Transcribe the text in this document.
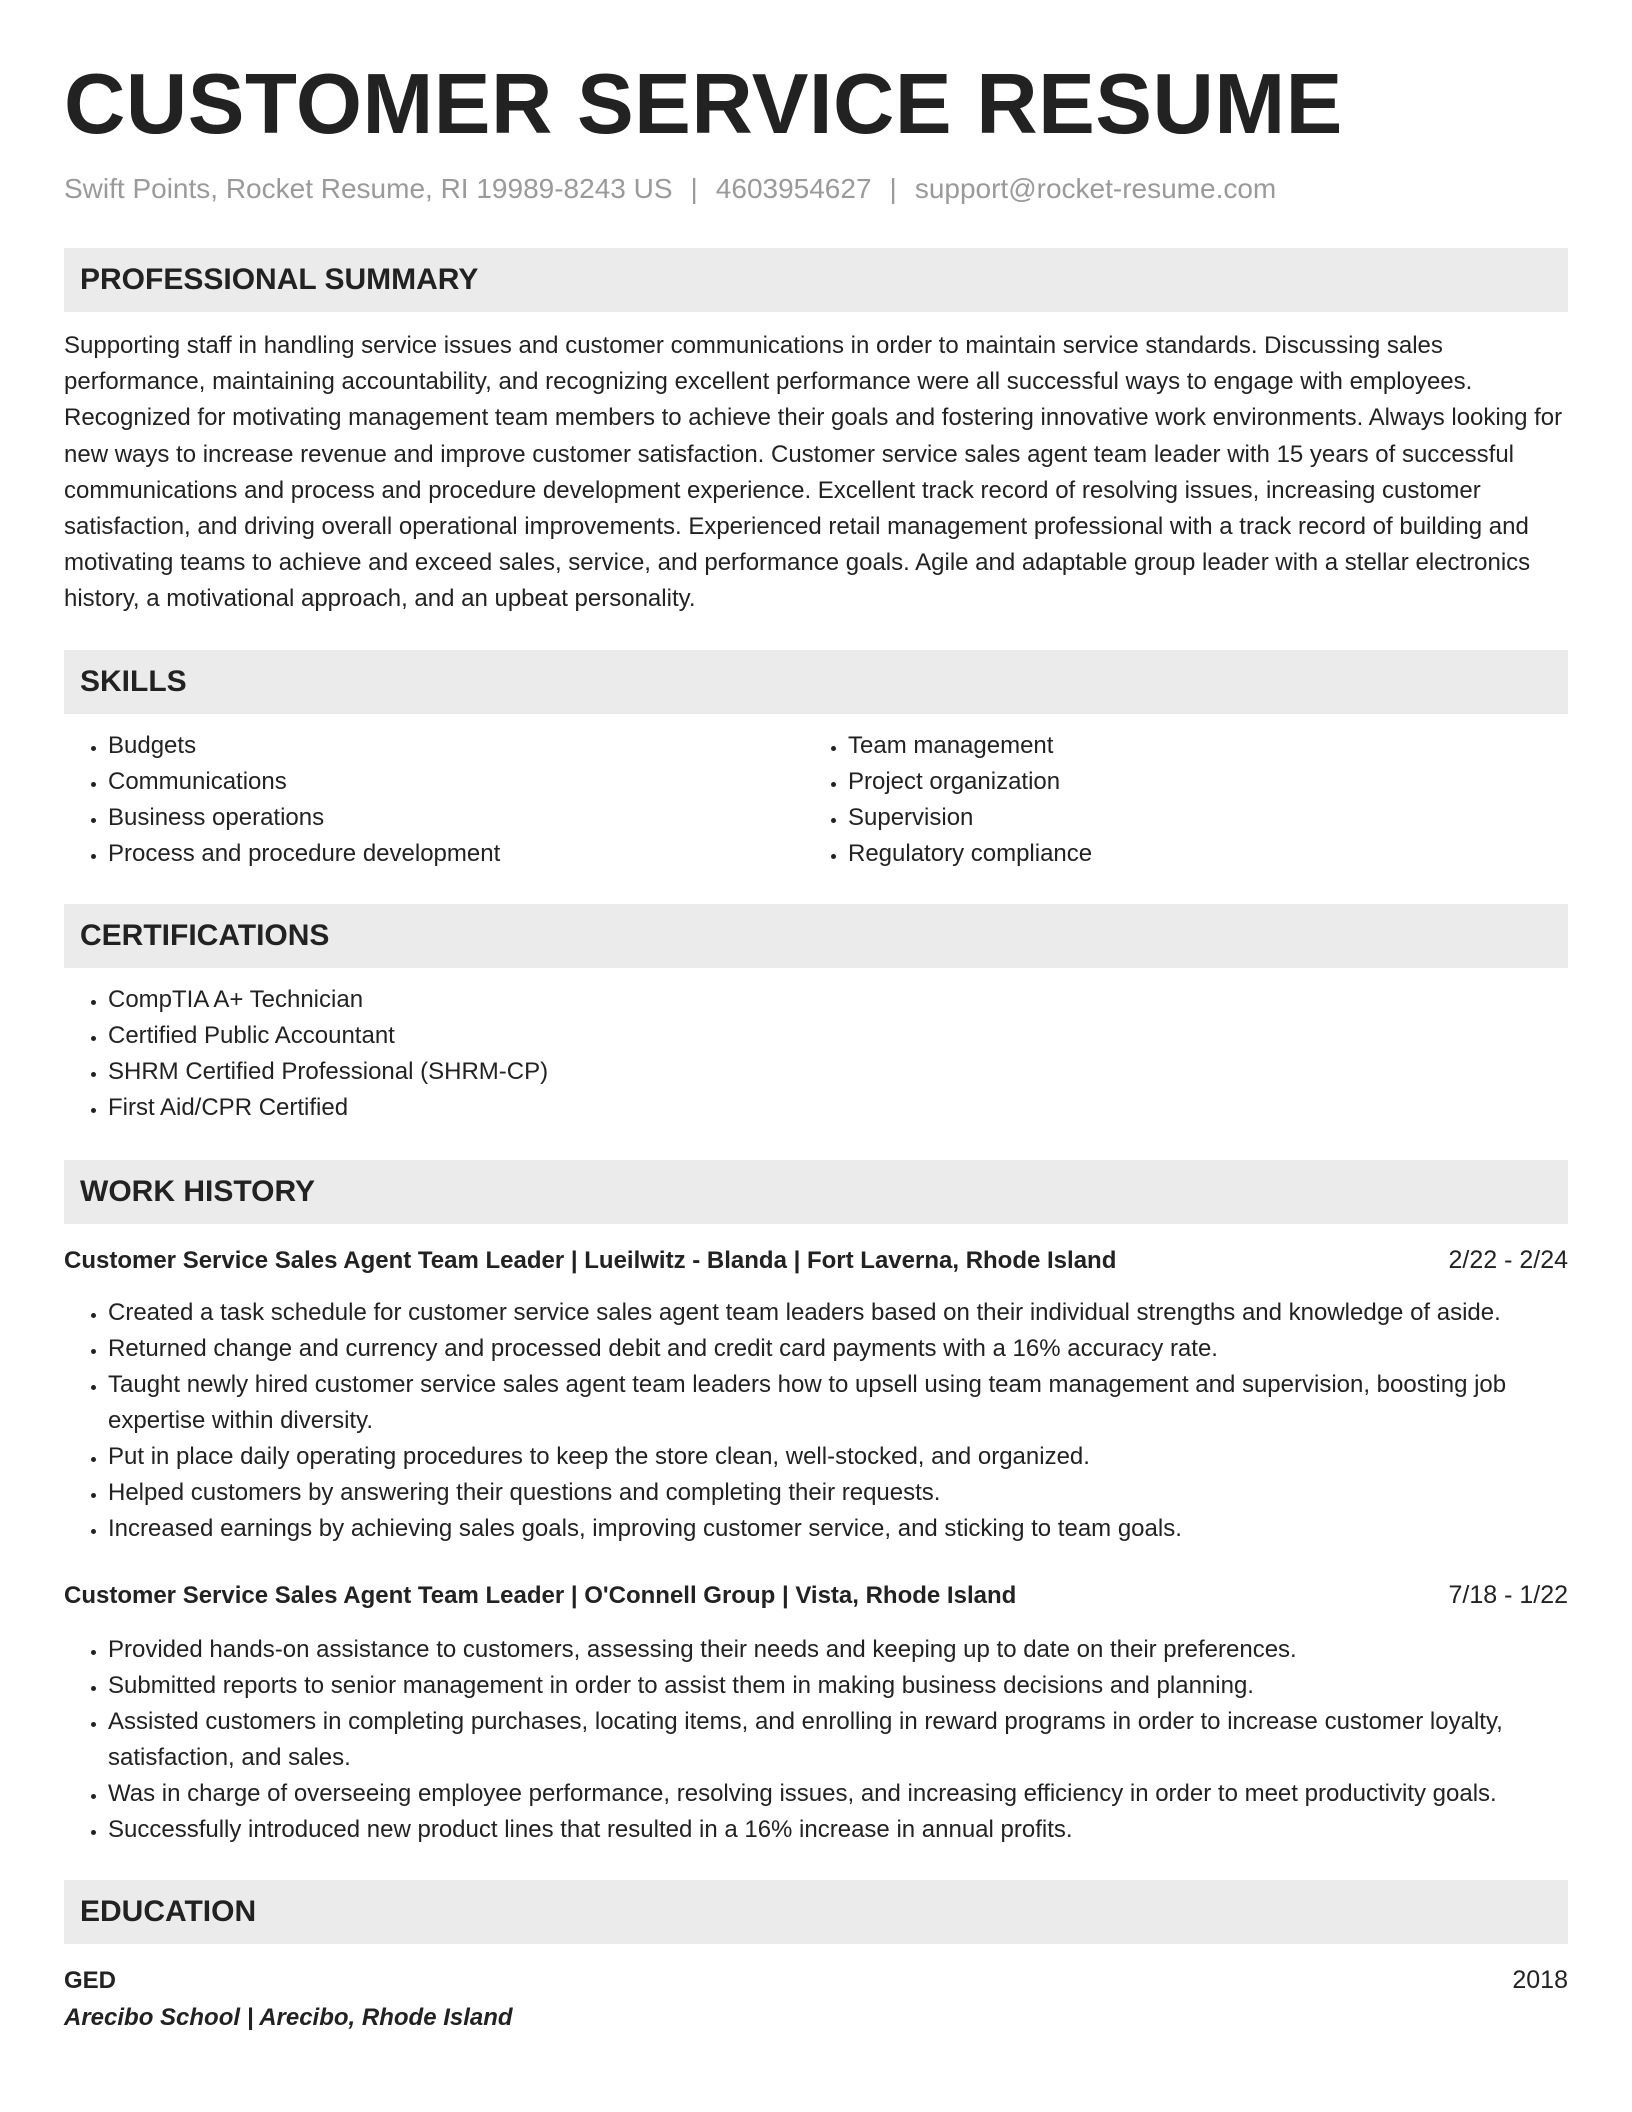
CUSTOMER SERVICE RESUME
Swift Points, Rocket Resume, RI 19989-8243 US | 4603954627 | support@rocket-resume.com
PROFESSIONAL SUMMARY
Supporting staff in handling service issues and customer communications in order to maintain service standards. Discussing sales performance, maintaining accountability, and recognizing excellent performance were all successful ways to engage with employees. Recognized for motivating management team members to achieve their goals and fostering innovative work environments. Always looking for new ways to increase revenue and improve customer satisfaction. Customer service sales agent team leader with 15 years of successful communications and process and procedure development experience. Excellent track record of resolving issues, increasing customer satisfaction, and driving overall operational improvements. Experienced retail management professional with a track record of building and motivating teams to achieve and exceed sales, service, and performance goals. Agile and adaptable group leader with a stellar electronics history, a motivational approach, and an upbeat personality.
SKILLS
• Budgets
• Communications
• Business operations
• Process and procedure development
• Team management
• Project organization
• Supervision
• Regulatory compliance
CERTIFICATIONS
• CompTIA A+ Technician
• Certified Public Accountant
• SHRM Certified Professional (SHRM-CP)
• First Aid/CPR Certified
WORK HISTORY
Customer Service Sales Agent Team Leader | Lueilwitz - Blanda | Fort Laverna, Rhode Island	2/22 - 2/24
• Created a task schedule for customer service sales agent team leaders based on their individual strengths and knowledge of aside.
• Returned change and currency and processed debit and credit card payments with a 16% accuracy rate.
• Taught newly hired customer service sales agent team leaders how to upsell using team management and supervision, boosting job expertise within diversity.
• Put in place daily operating procedures to keep the store clean, well-stocked, and organized.
• Helped customers by answering their questions and completing their requests.
• Increased earnings by achieving sales goals, improving customer service, and sticking to team goals.
Customer Service Sales Agent Team Leader | O'Connell Group | Vista, Rhode Island	7/18 - 1/22
• Provided hands-on assistance to customers, assessing their needs and keeping up to date on their preferences.
• Submitted reports to senior management in order to assist them in making business decisions and planning.
• Assisted customers in completing purchases, locating items, and enrolling in reward programs in order to increase customer loyalty, satisfaction, and sales.
• Was in charge of overseeing employee performance, resolving issues, and increasing efficiency in order to meet productivity goals.
• Successfully introduced new product lines that resulted in a 16% increase in annual profits.
EDUCATION
GED	2018
Arecibo School | Arecibo, Rhode Island
